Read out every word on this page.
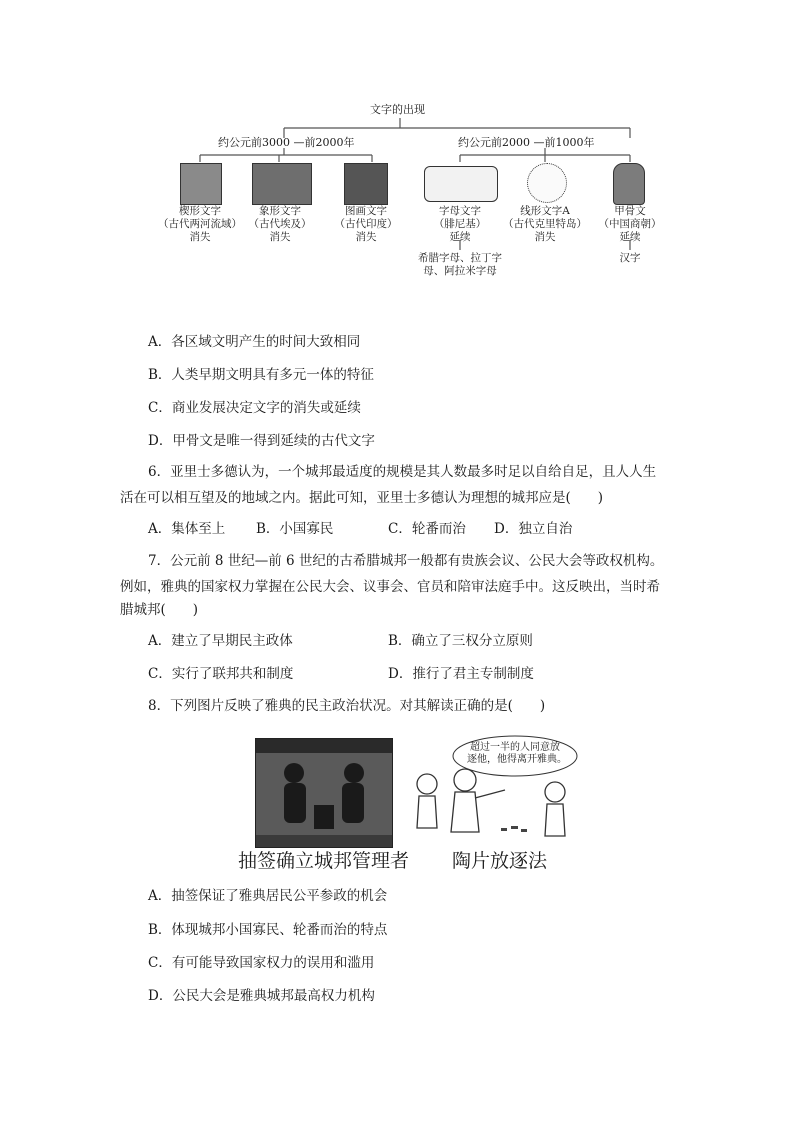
文字的出现
约公元前3000 —前2000年	约公元前2000 —前1000年
楔形文字
（古代两河流域）
消失
象形文字
（古代埃及）
消失
图画文字
（古代印度）
消失
字母文字
（腓尼基）
延续
线形文字A
（古代克里特岛）
消失
甲骨文
（中国商朝）
延续
希腊字母、拉丁字
母、阿拉米字母
汉字
A．各区域文明产生的时间大致相同
B．人类早期文明具有多元一体的特征
C．商业发展决定文字的消失或延续
D．甲骨文是唯一得到延续的古代文字
6．亚里士多德认为，一个城邦最适度的规模是其人数最多时足以自给自足，且人人生
活在可以相互望及的地域之内。据此可知，亚里士多德认为理想的城邦应是(　　)
A．集体至上 B．小国寡民	C．轮番而治 D．独立自治
7．公元前 8 世纪—前 6 世纪的古希腊城邦一般都有贵族会议、公民大会等政权机构。
例如，雅典的国家权力掌握在公民大会、议事会、官员和陪审法庭手中。这反映出，当时希
腊城邦(　　)
A．建立了早期民主政体	B．确立了三权分立原则
C．实行了联邦共和制度	D．推行了君主专制制度
8．下列图片反映了雅典的民主政治状况。对其解读正确的是(　　)
超过一半的人同意放
逐他，他得离开雅典。
抽签确立城邦管理者 陶片放逐法
A．抽签保证了雅典居民公平参政的机会
B．体现城邦小国寡民、轮番而治的特点
C．有可能导致国家权力的误用和滥用
D．公民大会是雅典城邦最高权力机构
